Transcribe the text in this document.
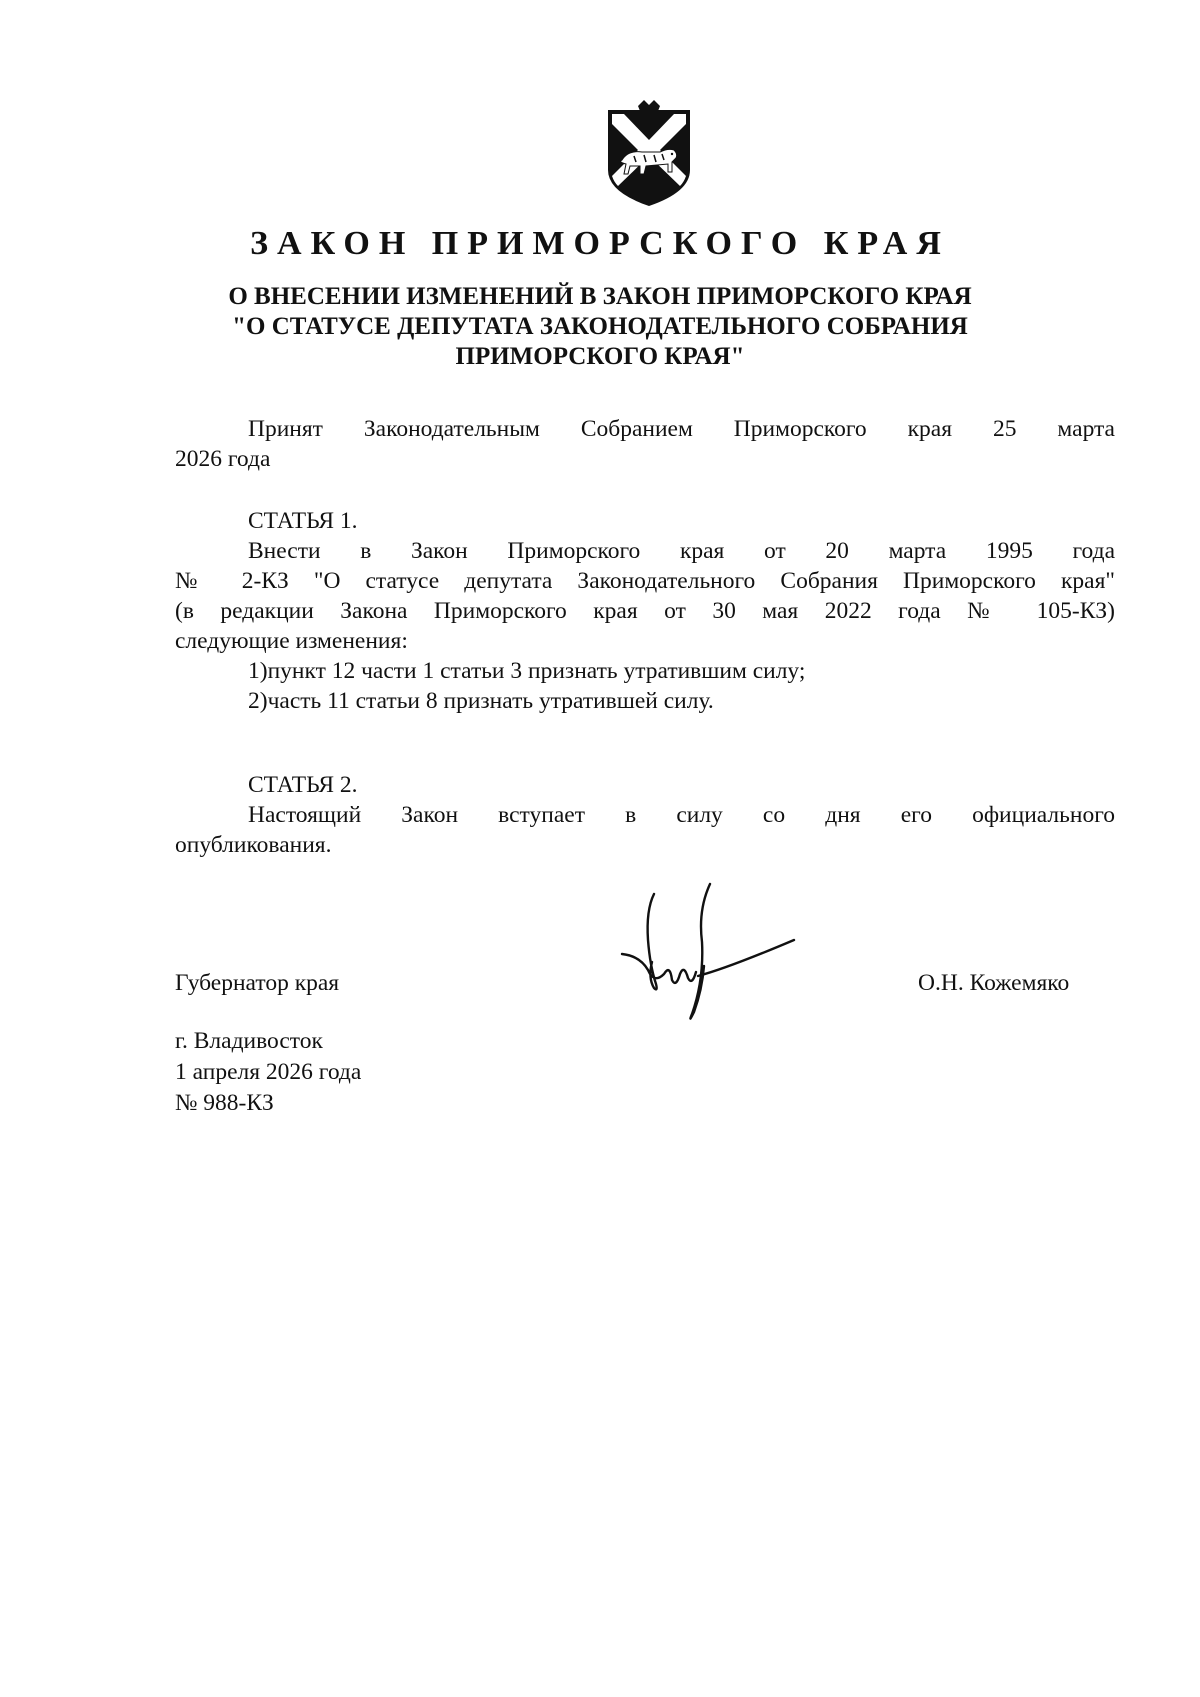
ЗАКОН ПРИМОРСКОГО КРАЯ
О ВНЕСЕНИИ ИЗМЕНЕНИЙ В ЗАКОН ПРИМОРСКОГО КРАЯ
"О СТАТУСЕ ДЕПУТАТА ЗАКОНОДАТЕЛЬНОГО СОБРАНИЯ
ПРИМОРСКОГО КРАЯ"
Принят Законодательным Собранием Приморского края 25 марта
2026 года
СТАТЬЯ 1.
Внести в Закон Приморского края от 20 марта 1995 года
№ 2-КЗ "О статусе депутата Законодательного Собрания Приморского края"
(в редакции Закона Приморского края от 30 мая 2022 года № 105-КЗ)
следующие изменения:
1)пункт 12 части 1 статьи 3 признать утратившим силу;
2)часть 11 статьи 8 признать утратившей силу.
СТАТЬЯ 2.
Настоящий Закон вступает в силу со дня его официального
опубликования.
Губернатор края	О.Н. Кожемяко
г. Владивосток
1 апреля 2026 года
№ 988-КЗ
